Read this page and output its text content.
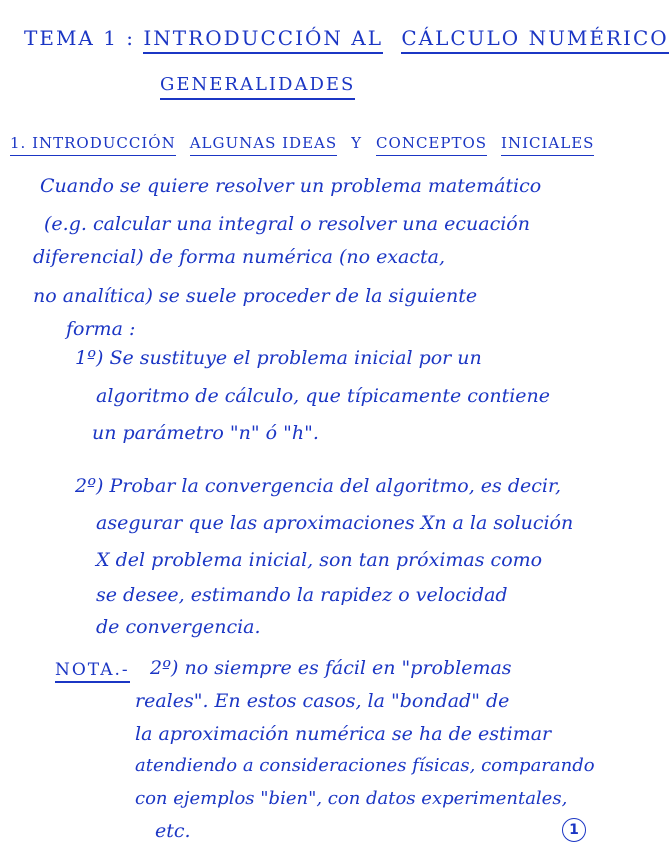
TEMA 1 : INTRODUCCIÓN AL CÁLCULO NUMÉRICO
GENERALIDADES
1. INTRODUCCIÓN ALGUNAS IDEAS Y CONCEPTOS INICIALES
Cuando se quiere resolver un problema matemático
(e.g. calcular una integral o resolver una ecuación
diferencial) de forma numérica (no exacta,
no analítica) se suele proceder de la siguiente
forma :
1º) Se sustituye el problema inicial por un
algoritmo de cálculo, que típicamente contiene
un parámetro "n" ó "h".
2º) Probar la convergencia del algoritmo, es decir,
asegurar que las aproximaciones Xn a la solución
X del problema inicial, son tan próximas como
se desee, estimando la rapidez o velocidad
de convergencia.
NOTA.- 2º) no siempre es fácil en "problemas
reales". En estos casos, la "bondad" de
la aproximación numérica se ha de estimar
atendiendo a consideraciones físicas, comparando
con ejemplos "bien", con datos experimentales,
etc.	1
